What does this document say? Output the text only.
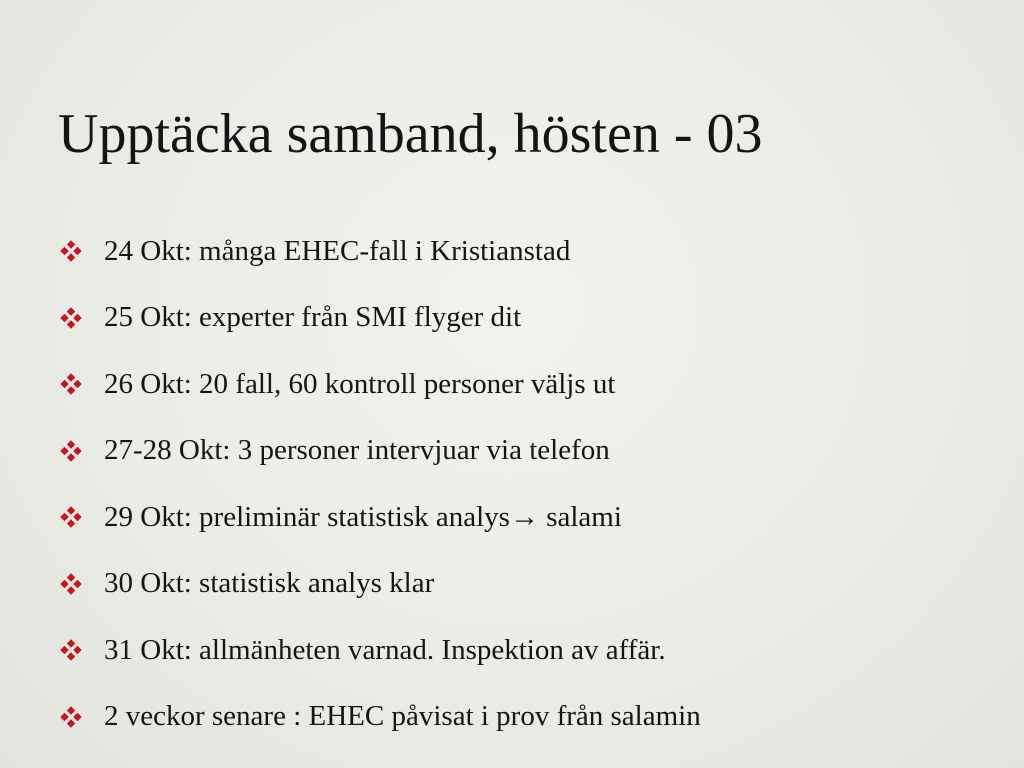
Upptäcka samband, hösten - 03
24 Okt: många EHEC-fall i Kristianstad
25 Okt: experter från SMI flyger dit
26 Okt: 20 fall, 60 kontroll personer väljs ut
27-28 Okt: 3 personer intervjuar via telefon
29 Okt: preliminär statistisk analys→ salami
30 Okt: statistisk analys klar
31 Okt: allmänheten varnad. Inspektion av affär.
2 veckor senare : EHEC påvisat i prov från salamin
